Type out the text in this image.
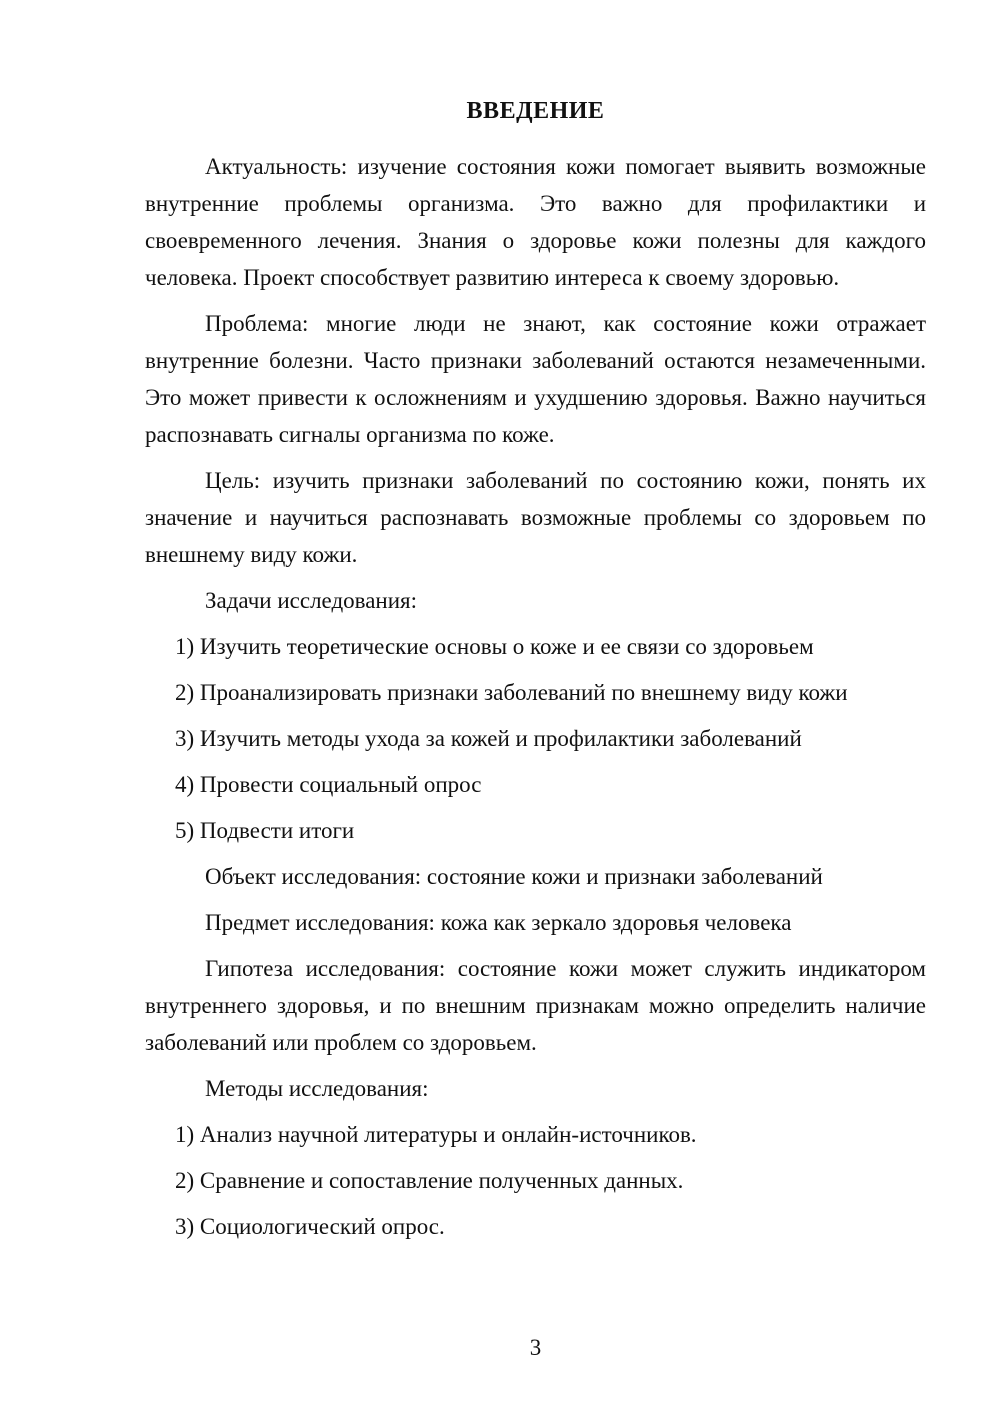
ВВЕДЕНИЕ

Актуальность: изучение состояния кожи помогает выявить возможные внутренние проблемы организма. Это важно для профилактики и своевременного лечения. Знания о здоровье кожи полезны для каждого человека. Проект способствует развитию интереса к своему здоровью.

Проблема: многие люди не знают, как состояние кожи отражает внутренние болезни. Часто признаки заболеваний остаются незамеченными. Это может привести к осложнениям и ухудшению здоровья. Важно научиться распознавать сигналы организма по коже.

Цель: изучить признаки заболеваний по состоянию кожи, понять их значение и научиться распознавать возможные проблемы со здоровьем по внешнему виду кожи.

Задачи исследования:

1) Изучить теоретические основы о коже и ее связи со здоровьем
2) Проанализировать признаки заболеваний по внешнему виду кожи
3) Изучить методы ухода за кожей и профилактики заболеваний
4) Провести социальный опрос
5) Подвести итоги

Объект исследования: состояние кожи и признаки заболеваний

Предмет исследования: кожа как зеркало здоровья человека

Гипотеза исследования: состояние кожи может служить индикатором внутреннего здоровья, и по внешним признакам можно определить наличие заболеваний или проблем со здоровьем.

Методы исследования:

1) Анализ научной литературы и онлайн-источников.
2) Сравнение и сопоставление полученных данных.
3) Социологический опрос.
3
